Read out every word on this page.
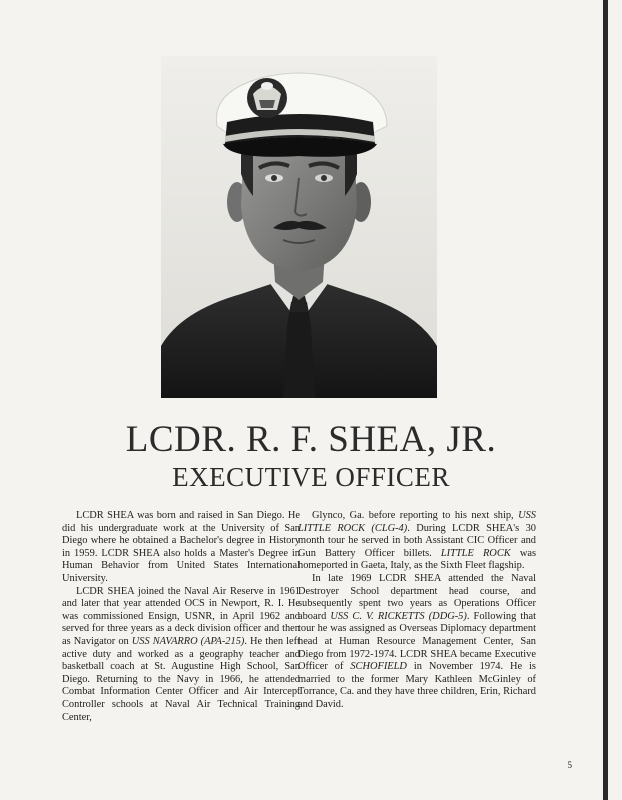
LCDR. R. F. SHEA, JR.
EXECUTIVE OFFICER

LCDR SHEA was born and raised in San Diego. He did his undergraduate work at the University of San Diego where he obtained a Bachelor's degree in History in 1959. LCDR SHEA also holds a Master's Degree in Human Behavior from United States International University.

LCDR SHEA joined the Naval Air Reserve in 1961 and later that year attended OCS in Newport, R. I. He was commissioned Ensign, USNR, in April 1962 and served for three years as a deck division officer and then as Navigator on USS NAVARRO (APA-215). He then left active duty and worked as a geography teacher and basketball coach at St. Augustine High School, San Diego. Returning to the Navy in 1966, he attended Combat Information Center Officer and Air Intercept Controller schools at Naval Air Technical Training Center,

Glynco, Ga. before reporting to his next ship, USS LITTLE ROCK (CLG-4). During LCDR SHEA's 30 month tour he served in both Assistant CIC Officer and Gun Battery Officer billets. LITTLE ROCK was homeported in Gaeta, Italy, as the Sixth Fleet flagship.

In late 1969 LCDR SHEA attended the Naval Destroyer School department head course, and subsequently spent two years as Operations Officer aboard USS C. V. RICKETTS (DDG-5). Following that tour he was assigned as Overseas Diplomacy department head at Human Resource Management Center, San Diego from 1972-1974. LCDR SHEA became Executive Officer of SCHOFIELD in November 1974. He is married to the former Mary Kathleen McGinley of Torrance, Ca. and they have three children, Erin, Richard and David.

5
